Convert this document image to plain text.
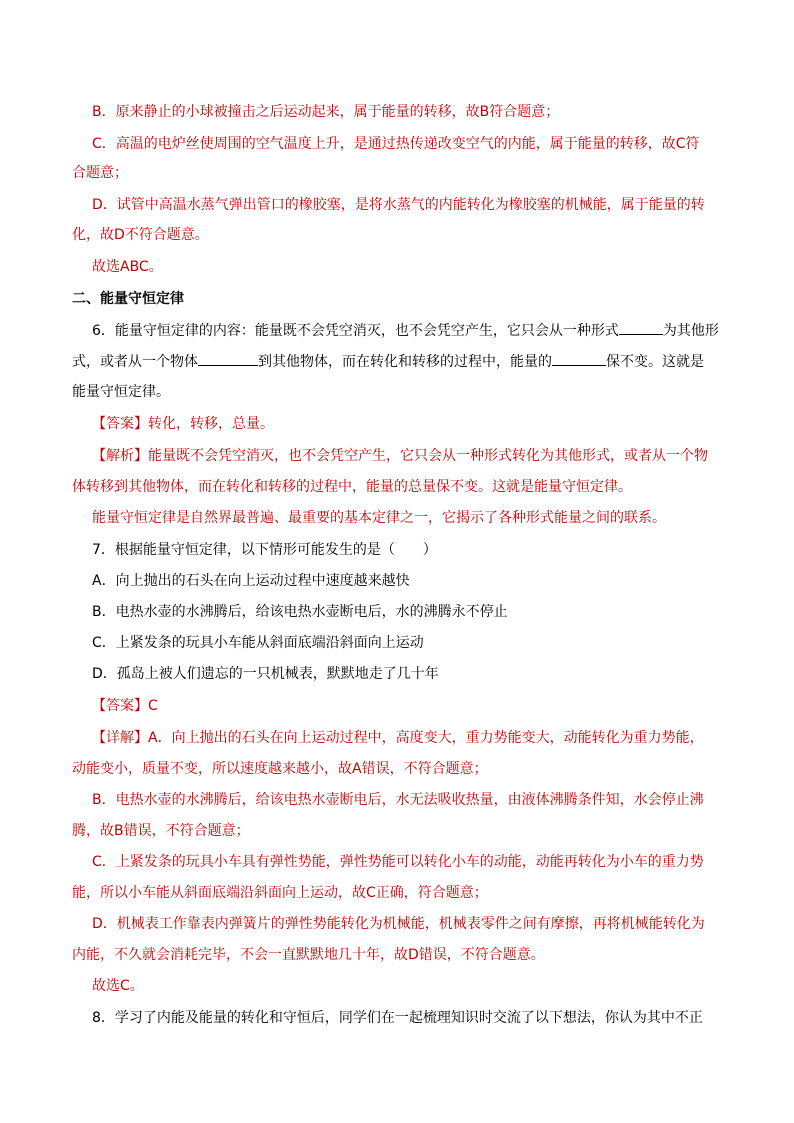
B．原来静止的小球被撞击之后运动起来，属于能量的转移，故B符合题意；
C．高温的电炉丝使周围的空气温度上升，是通过热传递改变空气的内能，属于能量的转移，故C符
合题意；
D．试管中高温水蒸气弹出管口的橡胶塞，是将水蒸气的内能转化为橡胶塞的机械能，属于能量的转
化，故D不符合题意。
故选ABC。
二、能量守恒定律
6．能量守恒定律的内容：能量既不会凭空消灭，也不会凭空产生，它只会从一种形式	为其他形
式，或者从一个物体	到其他物体，而在转化和转移的过程中，能量的	保不变。这就是
能量守恒定律。
【答案】转化，转移，总量。
【解析】能量既不会凭空消灭，也不会凭空产生，它只会从一种形式转化为其他形式，或者从一个物
体转移到其他物体，而在转化和转移的过程中，能量的总量保不变。这就是能量守恒定律。
能量守恒定律是自然界最普遍、最重要的基本定律之一，它揭示了各种形式能量之间的联系。
7．根据能量守恒定律，以下情形可能发生的是（　　）
A．向上抛出的石头在向上运动过程中速度越来越快
B．电热水壶的水沸腾后，给该电热水壶断电后，水的沸腾永不停止
C．上紧发条的玩具小车能从斜面底端沿斜面向上运动
D．孤岛上被人们遗忘的一只机械表，默默地走了几十年
【答案】C
【详解】A．向上抛出的石头在向上运动过程中，高度变大，重力势能变大，动能转化为重力势能，
动能变小，质量不变，所以速度越来越小，故A错误，不符合题意；
B．电热水壶的水沸腾后，给该电热水壶断电后，水无法吸收热量，由液体沸腾条件知，水会停止沸
腾，故B错误，不符合题意；
C．上紧发条的玩具小车具有弹性势能，弹性势能可以转化小车的动能，动能再转化为小车的重力势
能，所以小车能从斜面底端沿斜面向上运动，故C正确，符合题意；
D．机械表工作靠表内弹簧片的弹性势能转化为机械能，机械表零件之间有摩擦，再将机械能转化为
内能，不久就会消耗完毕，不会一直默默地几十年，故D错误，不符合题意。
故选C。
8．学习了内能及能量的转化和守恒后，同学们在一起梳理知识时交流了以下想法，你认为其中不正
